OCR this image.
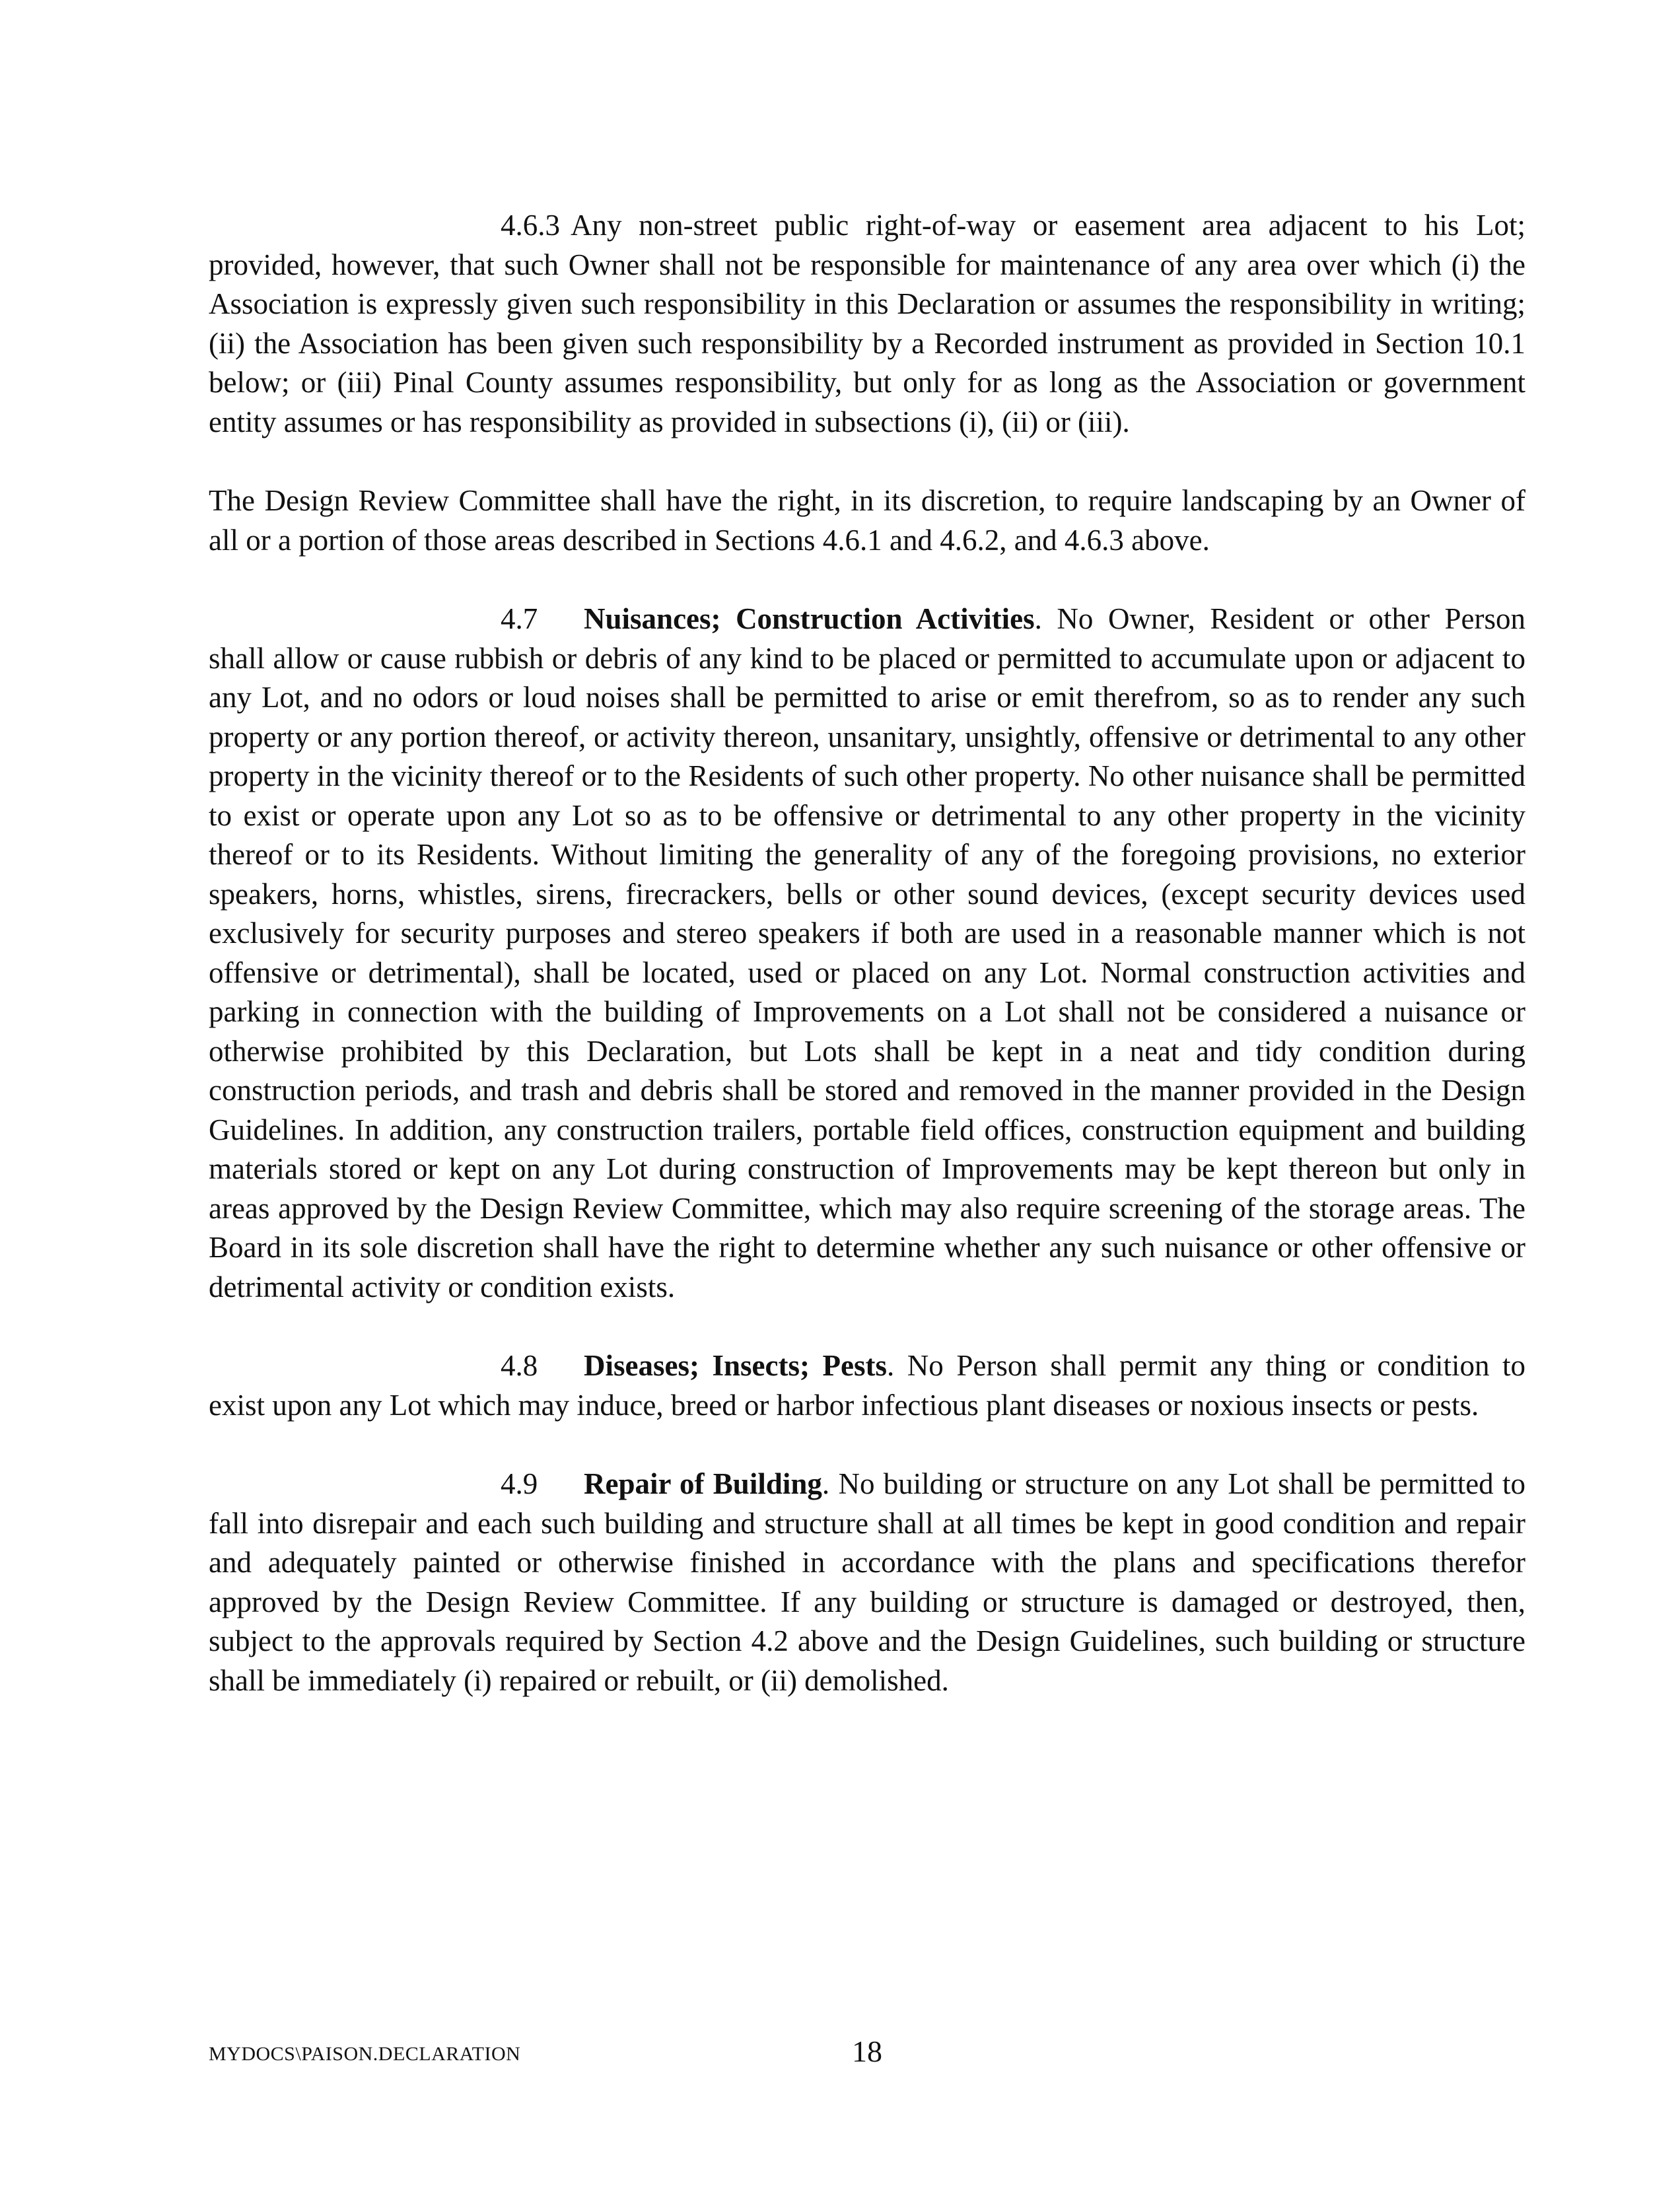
4.6.3 Any non-street public right-of-way or easement area adjacent to his Lot; provided, however, that such Owner shall not be responsible for maintenance of any area over which (i) the Association is expressly given such responsibility in this Declaration or assumes the responsibility in writing; (ii) the Association has been given such responsibility by a Recorded instrument as provided in Section 10.1 below; or (iii) Pinal County assumes responsibility, but only for as long as the Association or government entity assumes or has responsibility as provided in subsections (i), (ii) or (iii).

The Design Review Committee shall have the right, in its discretion, to require landscaping by an Owner of all or a portion of those areas described in Sections 4.6.1 and 4.6.2, and 4.6.3 above.

4.7 Nuisances; Construction Activities. No Owner, Resident or other Person shall allow or cause rubbish or debris of any kind to be placed or permitted to accumulate upon or adjacent to any Lot, and no odors or loud noises shall be permitted to arise or emit therefrom, so as to render any such property or any portion thereof, or activity thereon, unsanitary, unsightly, offensive or detrimental to any other property in the vicinity thereof or to the Residents of such other property. No other nuisance shall be permitted to exist or operate upon any Lot so as to be offensive or detrimental to any other property in the vicinity thereof or to its Residents. Without limiting the generality of any of the foregoing provisions, no exterior speakers, horns, whistles, sirens, firecrackers, bells or other sound devices, (except security devices used exclusively for security purposes and stereo speakers if both are used in a reasonable manner which is not offensive or detrimental), shall be located, used or placed on any Lot. Normal construction activities and parking in connection with the building of Improvements on a Lot shall not be considered a nuisance or otherwise prohibited by this Declaration, but Lots shall be kept in a neat and tidy condition during construction periods, and trash and debris shall be stored and removed in the manner provided in the Design Guidelines. In addition, any construction trailers, portable field offices, construction equipment and building materials stored or kept on any Lot during construction of Improvements may be kept thereon but only in areas approved by the Design Review Committee, which may also require screening of the storage areas. The Board in its sole discretion shall have the right to determine whether any such nuisance or other offensive or detrimental activity or condition exists.

4.8 Diseases; Insects; Pests. No Person shall permit any thing or condition to exist upon any Lot which may induce, breed or harbor infectious plant diseases or noxious insects or pests.

4.9 Repair of Building. No building or structure on any Lot shall be permitted to fall into disrepair and each such building and structure shall at all times be kept in good condition and repair and adequately painted or otherwise finished in accordance with the plans and specifications therefor approved by the Design Review Committee. If any building or structure is damaged or destroyed, then, subject to the approvals required by Section 4.2 above and the Design Guidelines, such building or structure shall be immediately (i) repaired or rebuilt, or (ii) demolished.

MYDOCS\PAISON.DECLARATION	18
